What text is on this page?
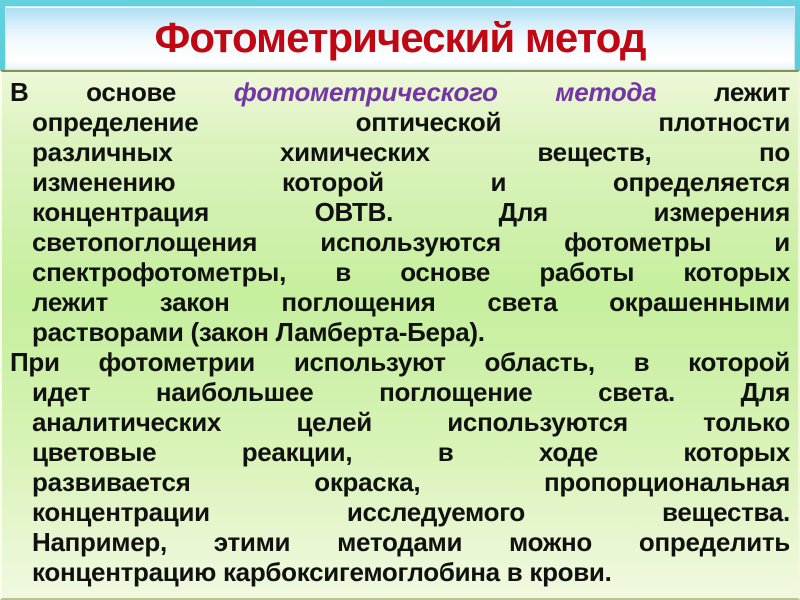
Фотометрический метод
В основе фотометрического метода лежит
определение оптической плотности
различных химических веществ, по
изменению которой и определяется
концентрация ОВТВ. Для измерения
светопоглощения используются фотометры и
спектрофотометры, в основе работы которых
лежит закон поглощения света окрашенными
растворами (закон Ламберта-Бера).
При фотометрии используют область, в которой
идет наибольшее поглощение света. Для
аналитических целей используются только
цветовые реакции, в ходе которых
развивается окраска, пропорциональная
концентрации исследуемого вещества.
Например, этими методами можно определить
концентрацию карбоксигемоглобина в крови.
